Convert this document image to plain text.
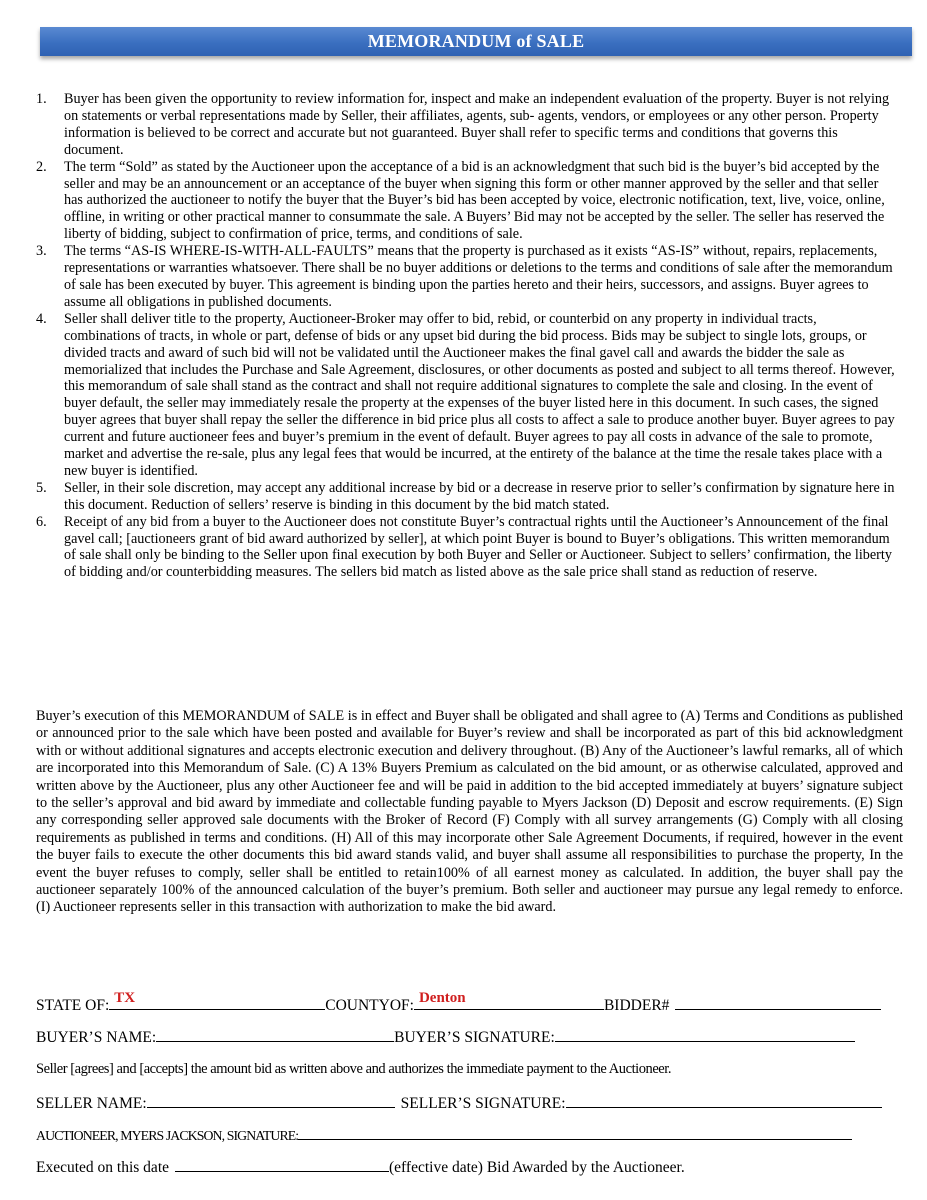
MEMORANDUM of SALE
1. Buyer has been given the opportunity to review information for, inspect and make an independent evaluation of the property. Buyer is not relying on statements or verbal representations made by Seller, their affiliates, agents, sub- agents, vendors, or employees or any other person. Property information is believed to be correct and accurate but not guaranteed. Buyer shall refer to specific terms and conditions that governs this document.
2. The term “Sold” as stated by the Auctioneer upon the acceptance of a bid is an acknowledgment that such bid is the buyer’s bid accepted by the seller and may be an announcement or an acceptance of the buyer when signing this form or other manner approved by the seller and that seller has authorized the auctioneer to notify the buyer that the Buyer’s bid has been accepted by voice, electronic notification, text, live, voice, online, offline, in writing or other practical manner to consummate the sale. A Buyers’ Bid may not be accepted by the seller. The seller has reserved the liberty of bidding, subject to confirmation of price, terms, and conditions of sale.
3. The terms “AS-IS WHERE-IS-WITH-ALL-FAULTS” means that the property is purchased as it exists “AS-IS” without, repairs, replacements, representations or warranties whatsoever. There shall be no buyer additions or deletions to the terms and conditions of sale after the memorandum of sale has been executed by buyer. This agreement is binding upon the parties hereto and their heirs, successors, and assigns. Buyer agrees to assume all obligations in published documents.
4. Seller shall deliver title to the property, Auctioneer-Broker may offer to bid, rebid, or counterbid on any property in individual tracts, combinations of tracts, in whole or part, defense of bids or any upset bid during the bid process. Bids may be subject to single lots, groups, or divided tracts and award of such bid will not be validated until the Auctioneer makes the final gavel call and awards the bidder the sale as memorialized that includes the Purchase and Sale Agreement, disclosures, or other documents as posted and subject to all terms thereof. However, this memorandum of sale shall stand as the contract and shall not require additional signatures to complete the sale and closing. In the event of buyer default, the seller may immediately resale the property at the expenses of the buyer listed here in this document. In such cases, the signed buyer agrees that buyer shall repay the seller the difference in bid price plus all costs to affect a sale to produce another buyer. Buyer agrees to pay current and future auctioneer fees and buyer’s premium in the event of default. Buyer agrees to pay all costs in advance of the sale to promote, market and advertise the re-sale, plus any legal fees that would be incurred, at the entirety of the balance at the time the resale takes place with a new buyer is identified.
5. Seller, in their sole discretion, may accept any additional increase by bid or a decrease in reserve prior to seller’s confirmation by signature here in this document. Reduction of sellers’ reserve is binding in this document by the bid match stated.
6. Receipt of any bid from a buyer to the Auctioneer does not constitute Buyer’s contractual rights until the Auctioneer’s Announcement of the final gavel call; [auctioneers grant of bid award authorized by seller], at which point Buyer is bound to Buyer’s obligations. This written memorandum of sale shall only be binding to the Seller upon final execution by both Buyer and Seller or Auctioneer. Subject to sellers’ confirmation, the liberty of bidding and/or counterbidding measures. The sellers bid match as listed above as the sale price shall stand as reduction of reserve.

Buyer’s execution of this MEMORANDUM of SALE is in effect and Buyer shall be obligated and shall agree to (A) Terms and Conditions as published or announced prior to the sale which have been posted and available for Buyer’s review and shall be incorporated as part of this bid acknowledgment with or without additional signatures and accepts electronic execution and delivery throughout. (B) Any of the Auctioneer’s lawful remarks, all of which are incorporated into this Memorandum of Sale. (C) A 13% Buyers Premium as calculated on the bid amount, or as otherwise calculated, approved and written above by the Auctioneer, plus any other Auctioneer fee and will be paid in addition to the bid accepted immediately at buyers’ signature subject to the seller’s approval and bid award by immediate and collectable funding payable to Myers Jackson (D) Deposit and escrow requirements. (E) Sign any corresponding seller approved sale documents with the Broker of Record (F) Comply with all survey arrangements (G) Comply with all closing requirements as published in terms and conditions. (H) All of this may incorporate other Sale Agreement Documents, if required, however in the event the buyer fails to execute the other documents this bid award stands valid, and buyer shall assume all responsibilities to purchase the property, In the event the buyer refuses to comply, seller shall be entitled to retain100% of all earnest money as calculated. In addition, the buyer shall pay the auctioneer separately 100% of the announced calculation of the buyer’s premium. Both seller and auctioneer may pursue any legal remedy to enforce. (I) Auctioneer represents seller in this transaction with authorization to make the bid award.

STATE OF: TX	COUNTYOF: Denton	BIDDER#
BUYER’S NAME:	BUYER’S SIGNATURE:
Seller [agrees] and [accepts] the amount bid as written above and authorizes the immediate payment to the Auctioneer.
SELLER NAME:	SELLER’S SIGNATURE:
AUCTIONEER, MYERS JACKSON, SIGNATURE:
Executed on this date	(effective date) Bid Awarded by the Auctioneer.
